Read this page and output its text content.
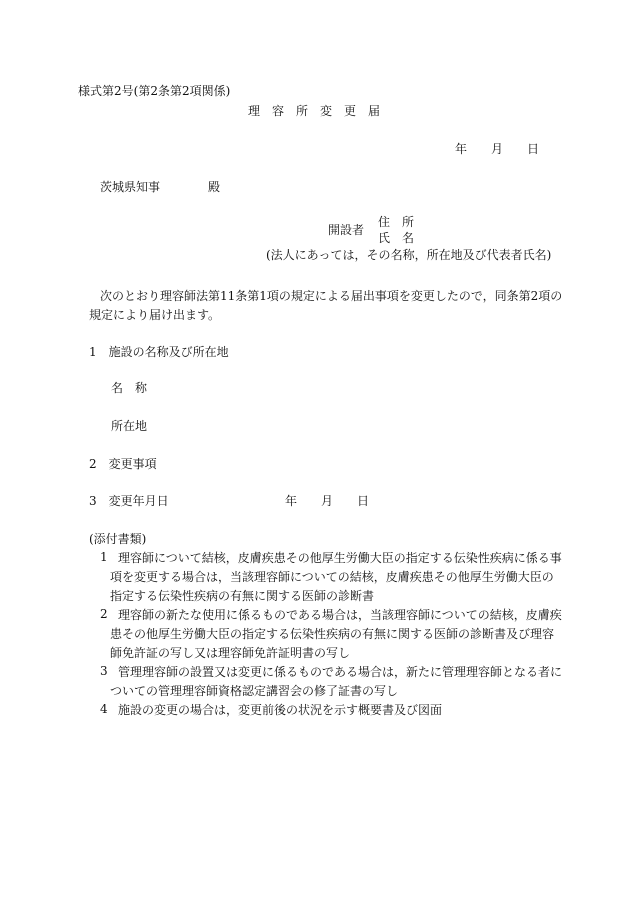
様式第2号(第2条第2項関係)
理　容　所　変　更　届
年　　月　　日
茨城県知事　　　　殿
開設者
住　所
氏　名
(法人にあっては，その名称，所在地及び代表者氏名)
次のとおり理容師法第11条第1項の規定による届出事項を変更したので，同条第2項の
規定により届け出ます。
1　施設の名称及び所在地
名　称
所在地
2　変更事項
3　変更年月日	年　　月　　日
(添付書類)
1 理容師について結核，皮膚疾患その他厚生労働大臣の指定する伝染性疾病に係る事
項を変更する場合は，当該理容師についての結核，皮膚疾患その他厚生労働大臣の
指定する伝染性疾病の有無に関する医師の診断書
2 理容師の新たな使用に係るものである場合は，当該理容師についての結核，皮膚疾
患その他厚生労働大臣の指定する伝染性疾病の有無に関する医師の診断書及び理容
師免許証の写し又は理容師免許証明書の写し
3 管理理容師の設置又は変更に係るものである場合は，新たに管理理容師となる者に
ついての管理理容師資格認定講習会の修了証書の写し
4 施設の変更の場合は，変更前後の状況を示す概要書及び図面
